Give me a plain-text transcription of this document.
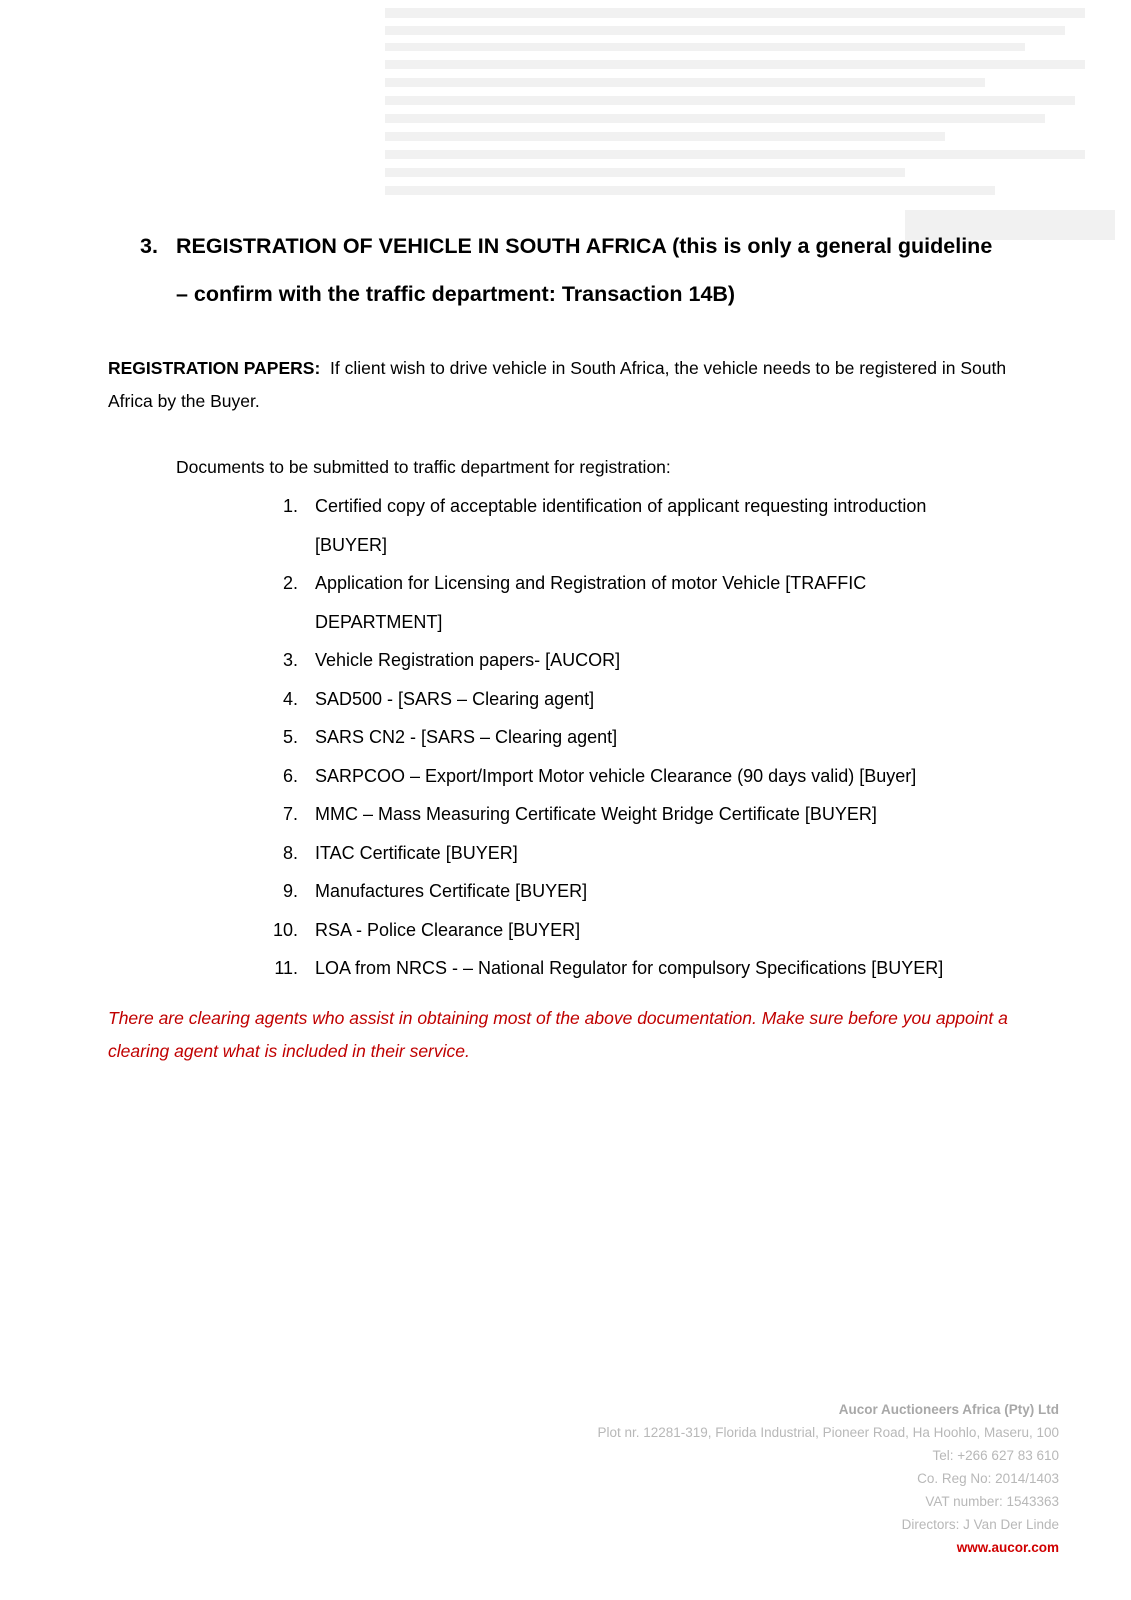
3. REGISTRATION OF VEHICLE IN SOUTH AFRICA (this is only a general guideline – confirm with the traffic department: Transaction 14B)
REGISTRATION PAPERS: If client wish to drive vehicle in South Africa, the vehicle needs to be registered in South Africa by the Buyer.
Documents to be submitted to traffic department for registration:
1. Certified copy of acceptable identification of applicant requesting introduction [BUYER]
2. Application for Licensing and Registration of motor Vehicle [TRAFFIC DEPARTMENT]
3. Vehicle Registration papers- [AUCOR]
4. SAD500 - [SARS – Clearing agent]
5. SARS CN2 - [SARS – Clearing agent]
6. SARPCOO – Export/Import Motor vehicle Clearance (90 days valid) [Buyer]
7. MMC – Mass Measuring Certificate Weight Bridge Certificate [BUYER]
8. ITAC Certificate [BUYER]
9. Manufactures Certificate [BUYER]
10. RSA - Police Clearance [BUYER]
11. LOA from NRCS - – National Regulator for compulsory Specifications [BUYER]
There are clearing agents who assist in obtaining most of the above documentation. Make sure before you appoint a clearing agent what is included in their service.
Aucor Auctioneers Africa (Pty) Ltd
Plot nr. 12281-319, Florida Industrial, Pioneer Road, Ha Hoohlo, Maseru, 100
Tel: +266 627 83 610
Co. Reg No: 2014/1403
VAT number: 1543363
Directors: J Van Der Linde
www.aucor.com
